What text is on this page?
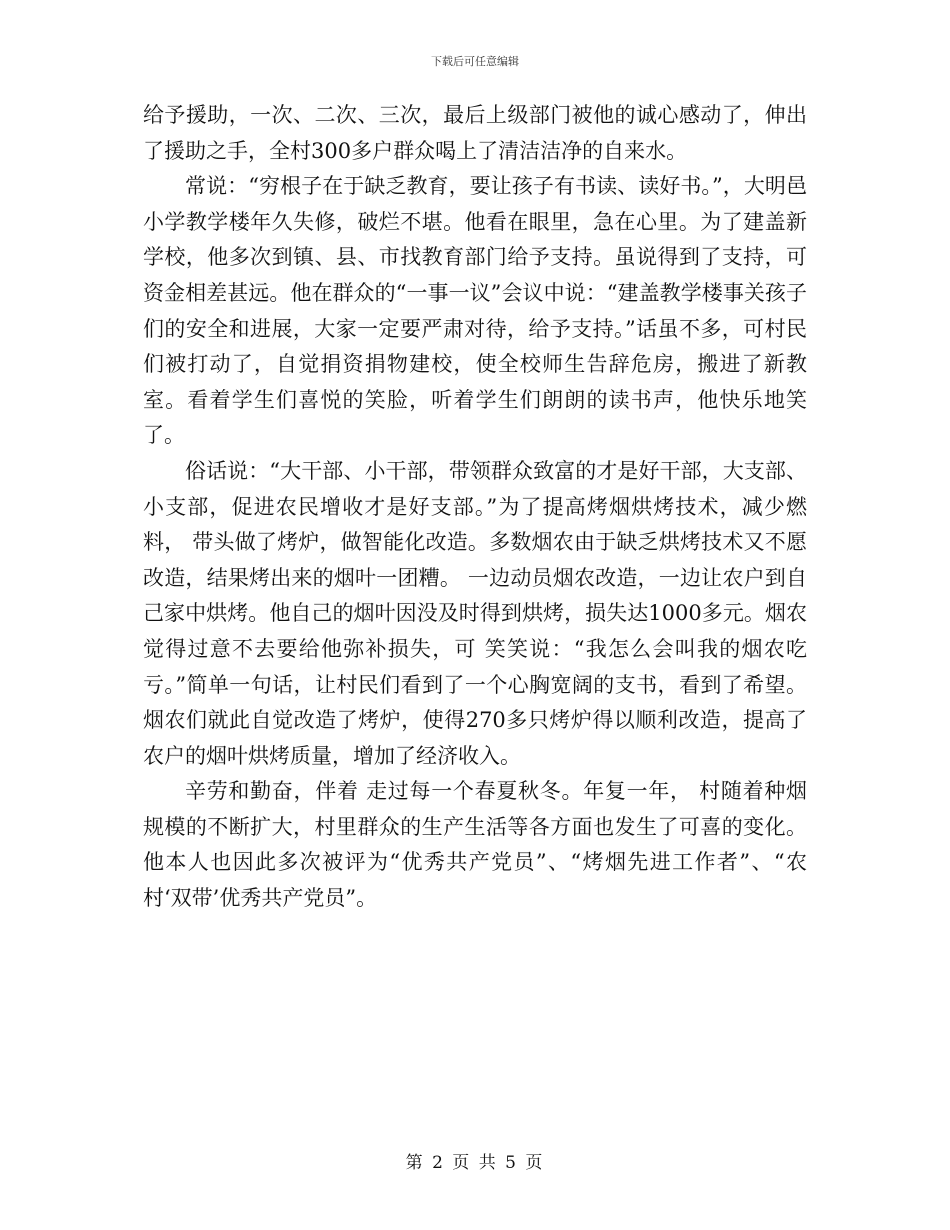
下载后可任意编辑

给予援助，一次、二次、三次，最后上级部门被他的诚心感动了，伸出了援助之手，全村300多户群众喝上了清洁洁净的自来水。

常说：“穷根子在于缺乏教育，要让孩子有书读、读好书。”，大明邑小学教学楼年久失修，破烂不堪。他看在眼里，急在心里。为了建盖新学校，他多次到镇、县、市找教育部门给予支持。虽说得到了支持，可资金相差甚远。他在群众的“一事一议”会议中说：“建盖教学楼事关孩子们的安全和进展，大家一定要严肃对待，给予支持。”话虽不多，可村民们被打动了，自觉捐资捐物建校，使全校师生告辞危房，搬进了新教室。看着学生们喜悦的笑脸，听着学生们朗朗的读书声，他快乐地笑了。

俗话说：“大干部、小干部，带领群众致富的才是好干部，大支部、小支部，促进农民增收才是好支部。”为了提高烤烟烘烤技术，减少燃料， 带头做了烤炉，做智能化改造。多数烟农由于缺乏烘烤技术又不愿改造，结果烤出来的烟叶一团糟。 一边动员烟农改造，一边让农户到自己家中烘烤。他自己的烟叶因没及时得到烘烤，损失达1000多元。烟农觉得过意不去要给他弥补损失，可 笑笑说：“我怎么会叫我的烟农吃亏。”简单一句话，让村民们看到了一个心胸宽阔的支书，看到了希望。烟农们就此自觉改造了烤炉，使得270多只烤炉得以顺利改造，提高了农户的烟叶烘烤质量，增加了经济收入。

辛劳和勤奋，伴着 走过每一个春夏秋冬。年复一年， 村随着种烟规模的不断扩大，村里群众的生产生活等各方面也发生了可喜的变化。他本人也因此多次被评为“优秀共产党员”、“烤烟先进工作者”、“农村‘双带’优秀共产党员”。

第 2 页 共 5 页
